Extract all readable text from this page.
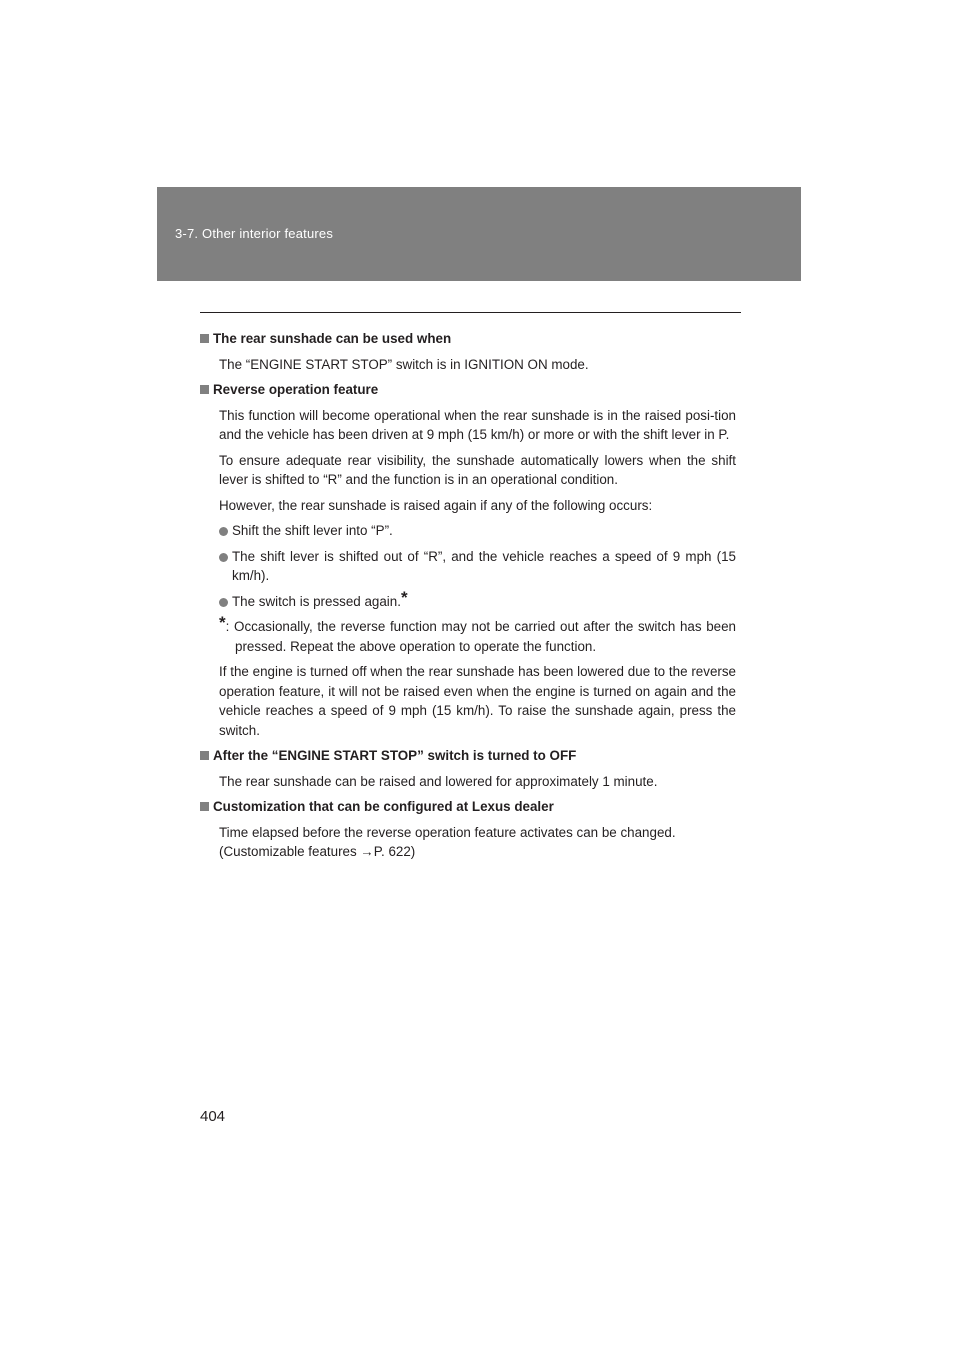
3-7. Other interior features
The rear sunshade can be used when

The “ENGINE START STOP” switch is in IGNITION ON mode.

Reverse operation feature

This function will become operational when the rear sunshade is in the raised posi-tion and the vehicle has been driven at 9 mph (15 km/h) or more or with the shift lever in P.

To ensure adequate rear visibility, the sunshade automatically lowers when the shift lever is shifted to “R” and the function is in an operational condition.

However, the rear sunshade is raised again if any of the following occurs:

Shift the shift lever into “P”.
The shift lever is shifted out of “R”, and the vehicle reaches a speed of 9 mph (15 km/h).
The switch is pressed again.*

*: Occasionally, the reverse function may not be carried out after the switch has been pressed. Repeat the above operation to operate the function.

If the engine is turned off when the rear sunshade has been lowered due to the reverse operation feature, it will not be raised even when the engine is turned on again and the vehicle reaches a speed of 9 mph (15 km/h). To raise the sunshade again, press the switch.

After the “ENGINE START STOP” switch is turned to OFF

The rear sunshade can be raised and lowered for approximately 1 minute.

Customization that can be configured at Lexus dealer

Time elapsed before the reverse operation feature activates can be changed.

(Customizable features →P. 622)

404
